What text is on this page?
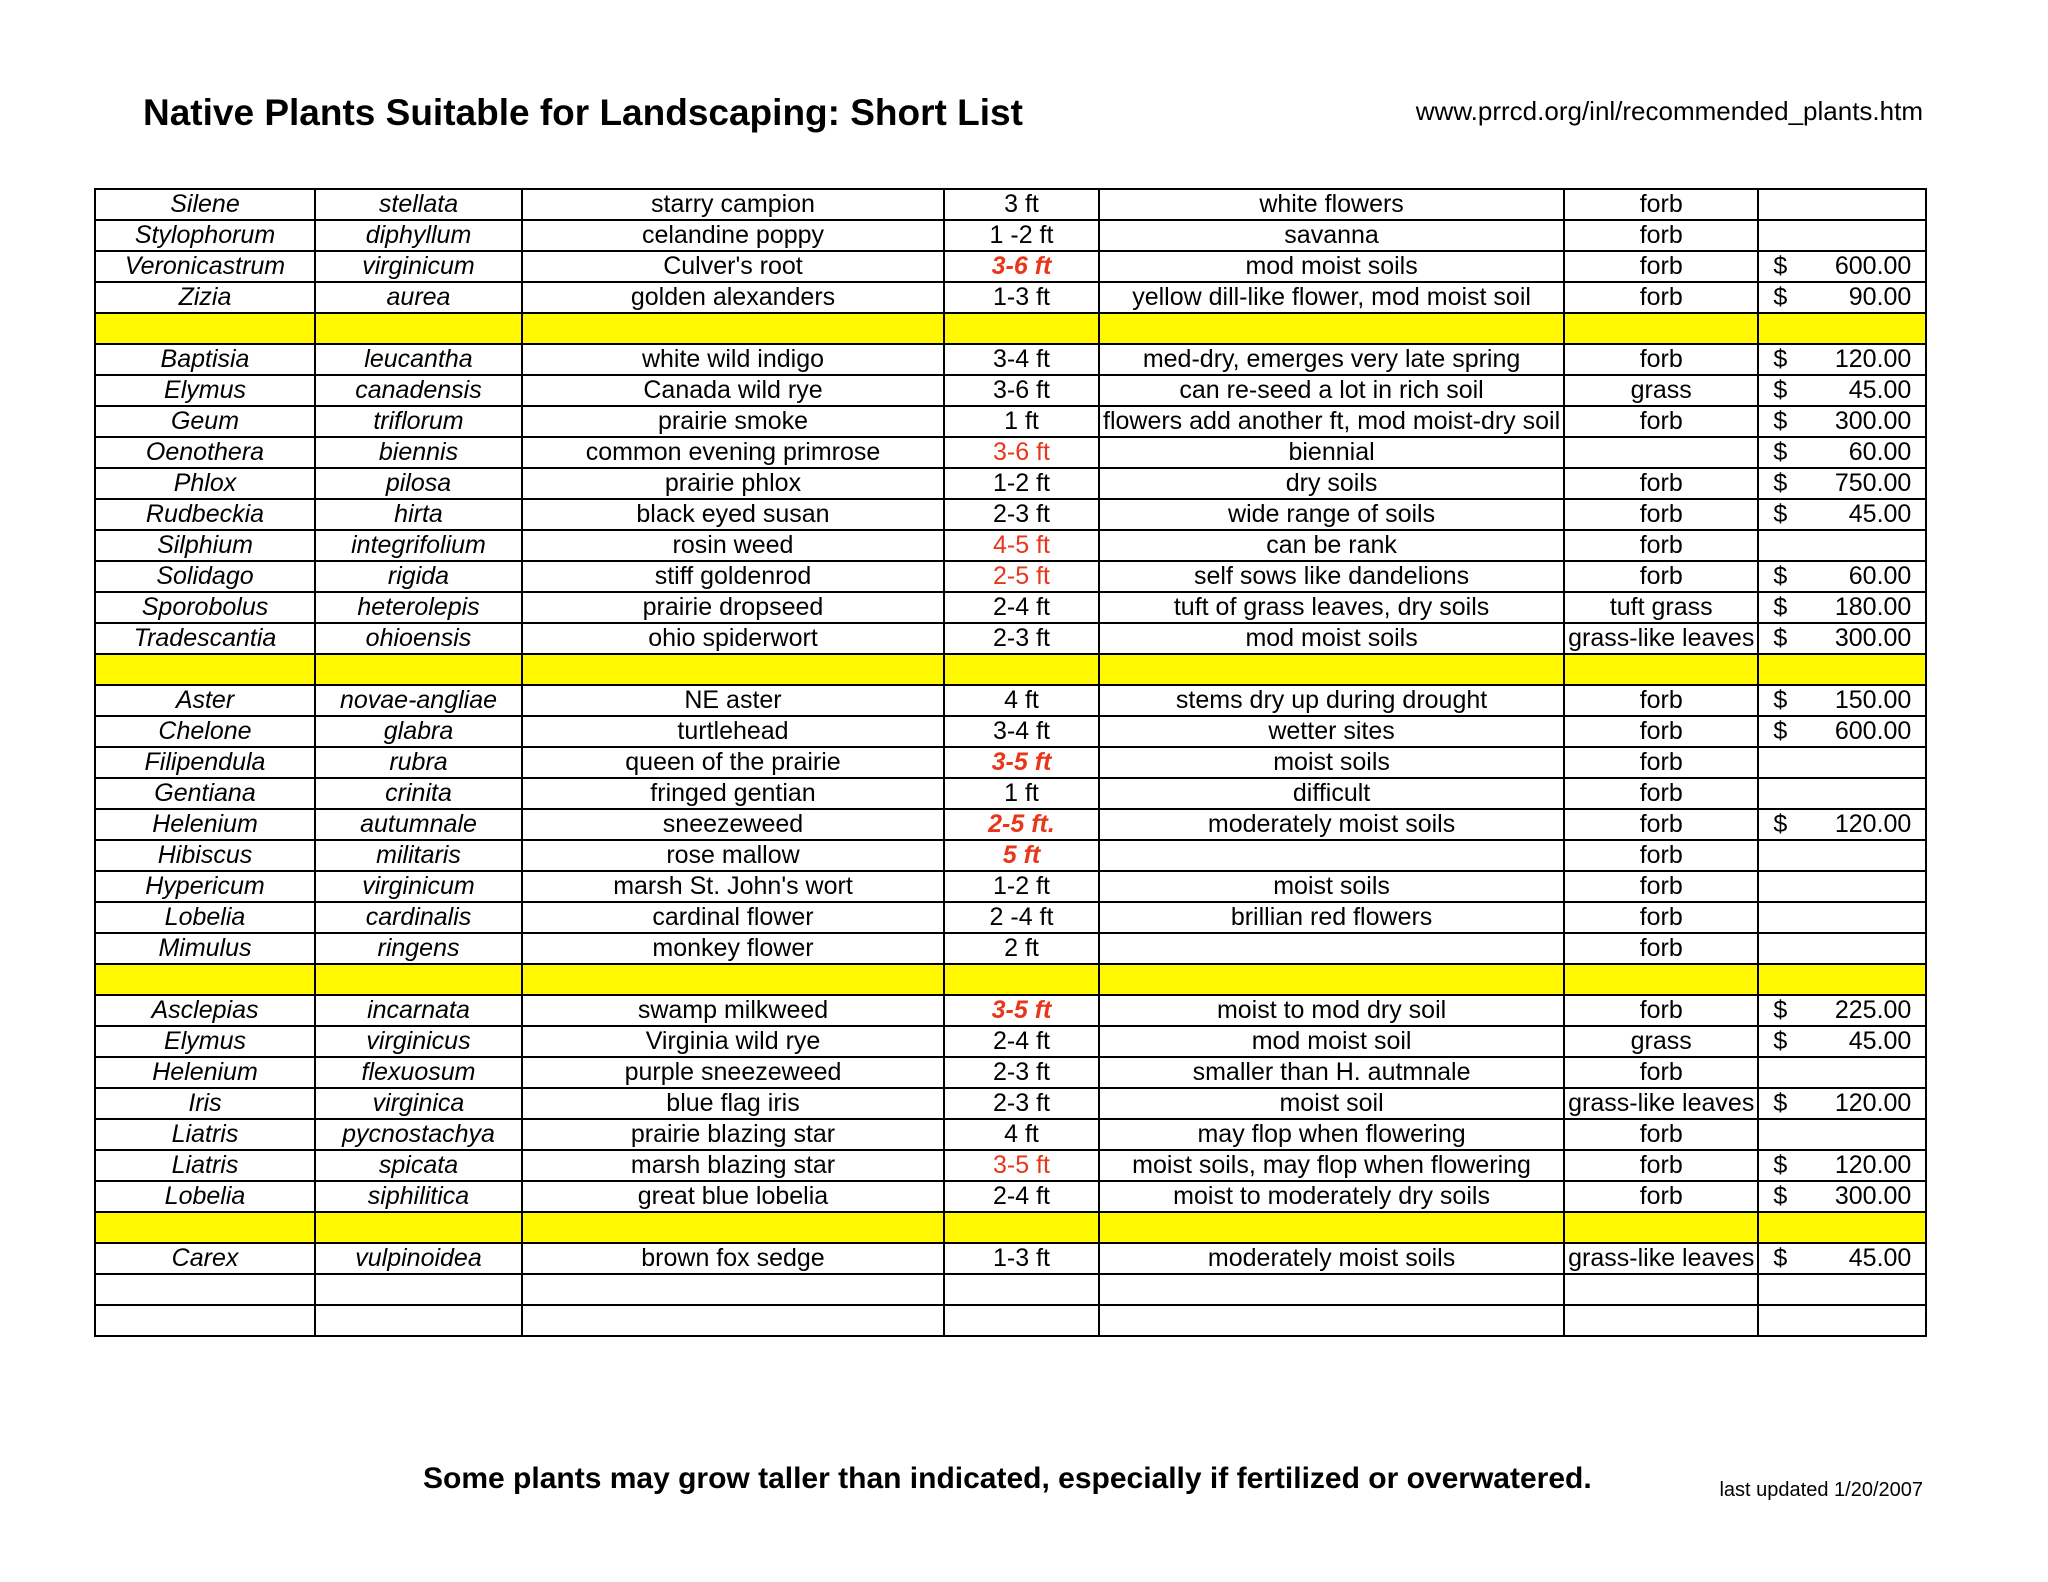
Native Plants Suitable for Landscaping: Short List	www.prrcd.org/inl/recommended_plants.htm
Silene	stellata	starry campion	3 ft	white flowers	forb	
Stylophorum	diphyllum	celandine poppy	1 -2 ft	savanna	forb	
Veronicastrum	virginicum	Culver's root	3-6 ft	mod moist soils	forb	$ 600.00
Zizia	aurea	golden alexanders	1-3 ft	yellow dill-like flower, mod moist soil	forb	$ 90.00

Baptisia	leucantha	white wild indigo	3-4 ft	med-dry, emerges very late spring	forb	$ 120.00
Elymus	canadensis	Canada wild rye	3-6 ft	can re-seed a lot in rich soil	grass	$ 45.00
Geum	triflorum	prairie smoke	1 ft	flowers add another ft, mod moist-dry soil	forb	$ 300.00
Oenothera	biennis	common evening primrose	3-6 ft	biennial		$ 60.00
Phlox	pilosa	prairie phlox	1-2 ft	dry soils	forb	$ 750.00
Rudbeckia	hirta	black eyed susan	2-3 ft	wide range of soils	forb	$ 45.00
Silphium	integrifolium	rosin weed	4-5 ft	can be rank	forb	
Solidago	rigida	stiff goldenrod	2-5 ft	self sows like dandelions	forb	$ 60.00
Sporobolus	heterolepis	prairie dropseed	2-4 ft	tuft of grass leaves, dry soils	tuft grass	$ 180.00
Tradescantia	ohioensis	ohio spiderwort	2-3 ft	mod moist soils	grass-like leaves	$ 300.00

Aster	novae-angliae	NE aster	4 ft	stems dry up during drought	forb	$ 150.00
Chelone	glabra	turtlehead	3-4 ft	wetter sites	forb	$ 600.00
Filipendula	rubra	queen of the prairie	3-5 ft	moist soils	forb	
Gentiana	crinita	fringed gentian	1 ft	difficult	forb	
Helenium	autumnale	sneezeweed	2-5 ft.	moderately moist soils	forb	$ 120.00
Hibiscus	militaris	rose mallow	5 ft		forb	
Hypericum	virginicum	marsh St. John's wort	1-2 ft	moist soils	forb	
Lobelia	cardinalis	cardinal flower	2 -4 ft	brillian red flowers	forb	
Mimulus	ringens	monkey flower	2 ft		forb	

Asclepias	incarnata	swamp milkweed	3-5 ft	moist to mod dry soil	forb	$ 225.00
Elymus	virginicus	Virginia wild rye	2-4 ft	mod moist soil	grass	$ 45.00
Helenium	flexuosum	purple sneezeweed	2-3 ft	smaller than H. autmnale	forb	
Iris	virginica	blue flag iris	2-3 ft	moist soil	grass-like leaves	$ 120.00
Liatris	pycnostachya	prairie blazing star	4 ft	may flop when flowering	forb	
Liatris	spicata	marsh blazing star	3-5 ft	moist soils, may flop when flowering	forb	$ 120.00
Lobelia	siphilitica	great blue lobelia	2-4 ft	moist to moderately dry soils	forb	$ 300.00

Carex	vulpinoidea	brown fox sedge	1-3 ft	moderately moist soils	grass-like leaves	$ 45.00

Some plants may grow taller than indicated, especially if fertilized or overwatered.	last updated 1/20/2007
